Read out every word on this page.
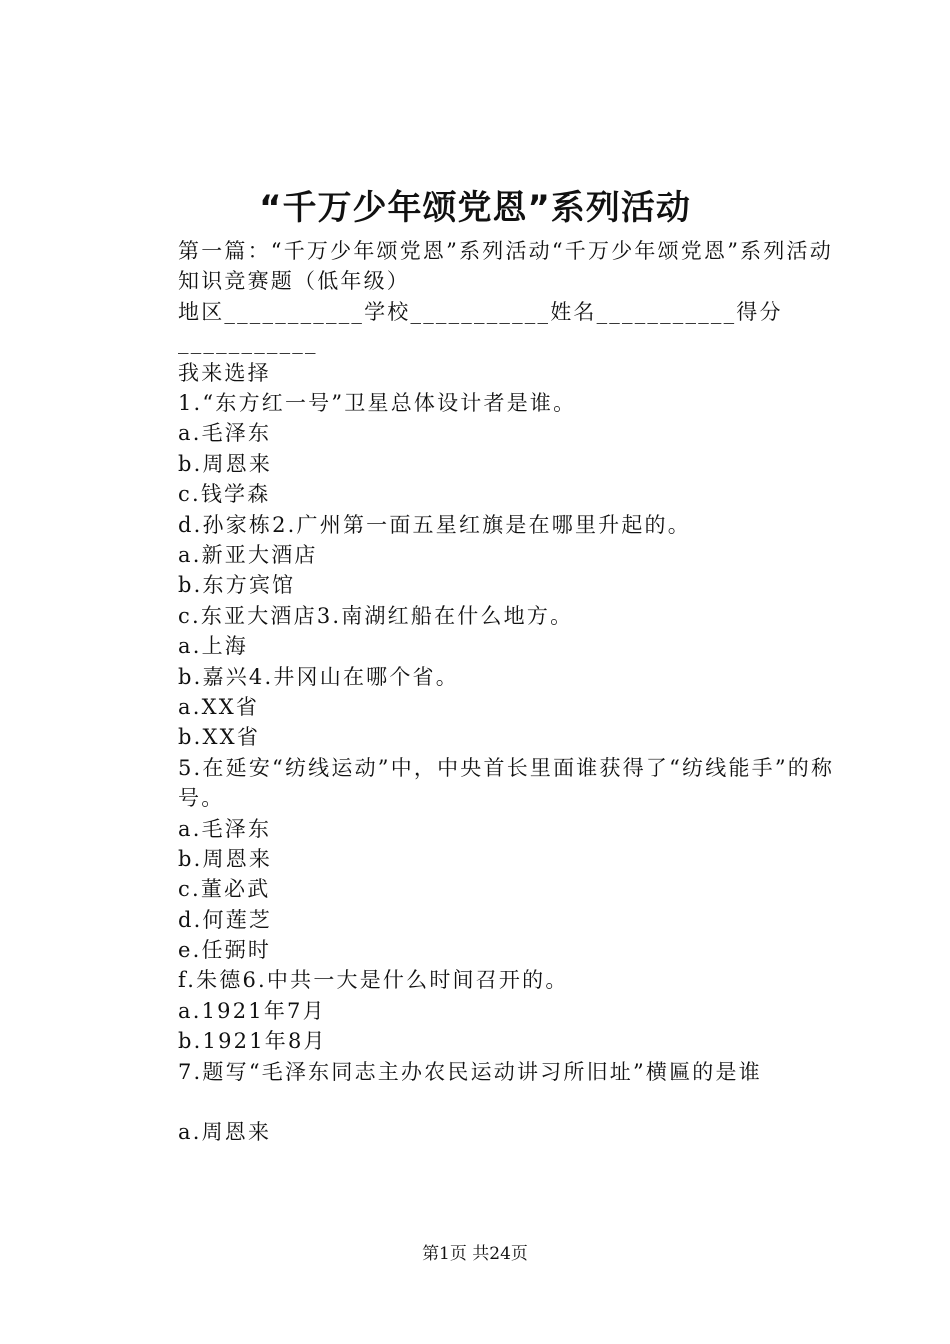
“千万少年颂党恩”系列活动
第一篇：“千万少年颂党恩”系列活动“千万少年颂党恩”系列活动
知识竞赛题（低年级）
地区___________学校___________姓名___________得分___________
我来选择
1.“东方红一号”卫星总体设计者是谁。
a.毛泽东
b.周恩来
c.钱学森
d.孙家栋2.广州第一面五星红旗是在哪里升起的。
a.新亚大酒店
b.东方宾馆
c.东亚大酒店3.南湖红船在什么地方。
a.上海
b.嘉兴4.井冈山在哪个省。
a.XX省
b.XX省
5.在延安“纺线运动”中，中央首长里面谁获得了“纺线能手”的称号。
a.毛泽东
b.周恩来
c.董必武
d.何莲芝
e.任弼时
f.朱德6.中共一大是什么时间召开的。
a.1921年7月
b.1921年8月
7.题写“毛泽东同志主办农民运动讲习所旧址”横匾的是谁
a.周恩来
第1页 共24页
